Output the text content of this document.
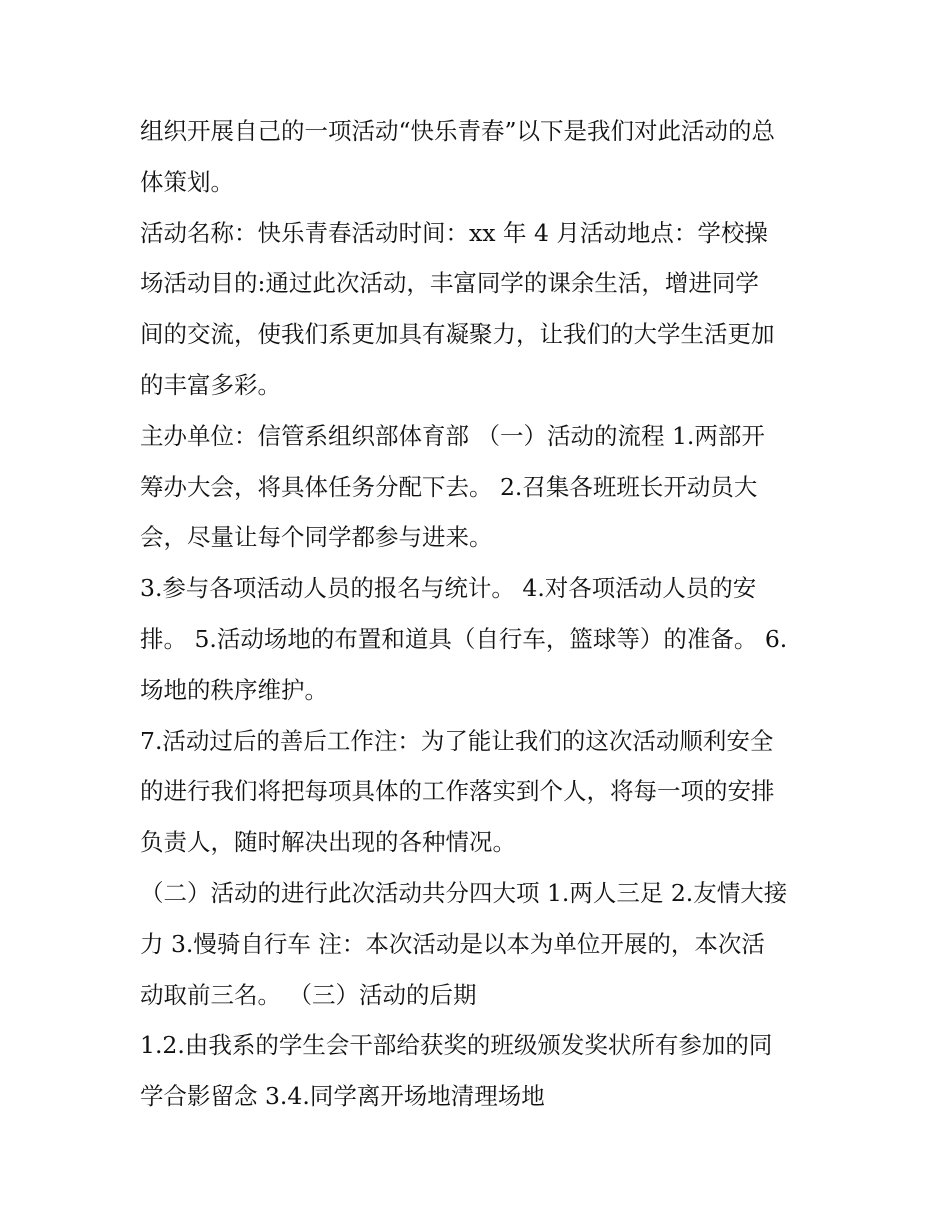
组织开展自己的一项活动“快乐青春”以下是我们对此活动的总
体策划。

活动名称：快乐青春活动时间：xx 年 4 月活动地点：学校操
场活动目的:通过此次活动，丰富同学的课余生活，增进同学
间的交流，使我们系更加具有凝聚力，让我们的大学生活更加
的丰富多彩。

主办单位：信管系组织部体育部 （一）活动的流程 1.两部开
筹办大会，将具体任务分配下去。 2.召集各班班长开动员大
会，尽量让每个同学都参与进来。

3.参与各项活动人员的报名与统计。 4.对各项活动人员的安
排。 5.活动场地的布置和道具（自行车，篮球等）的准备。 6.
场地的秩序维护。

7.活动过后的善后工作注：为了能让我们的这次活动顺利安全
的进行我们将把每项具体的工作落实到个人，将每一项的安排
负责人，随时解决出现的各种情况。

（二）活动的进行此次活动共分四大项 1.两人三足 2.友情大接
力 3.慢骑自行车 注：本次活动是以本为单位开展的，本次活
动取前三名。 （三）活动的后期

1.2.由我系的学生会干部给获奖的班级颁发奖状所有参加的同
学合影留念 3.4.同学离开场地清理场地
